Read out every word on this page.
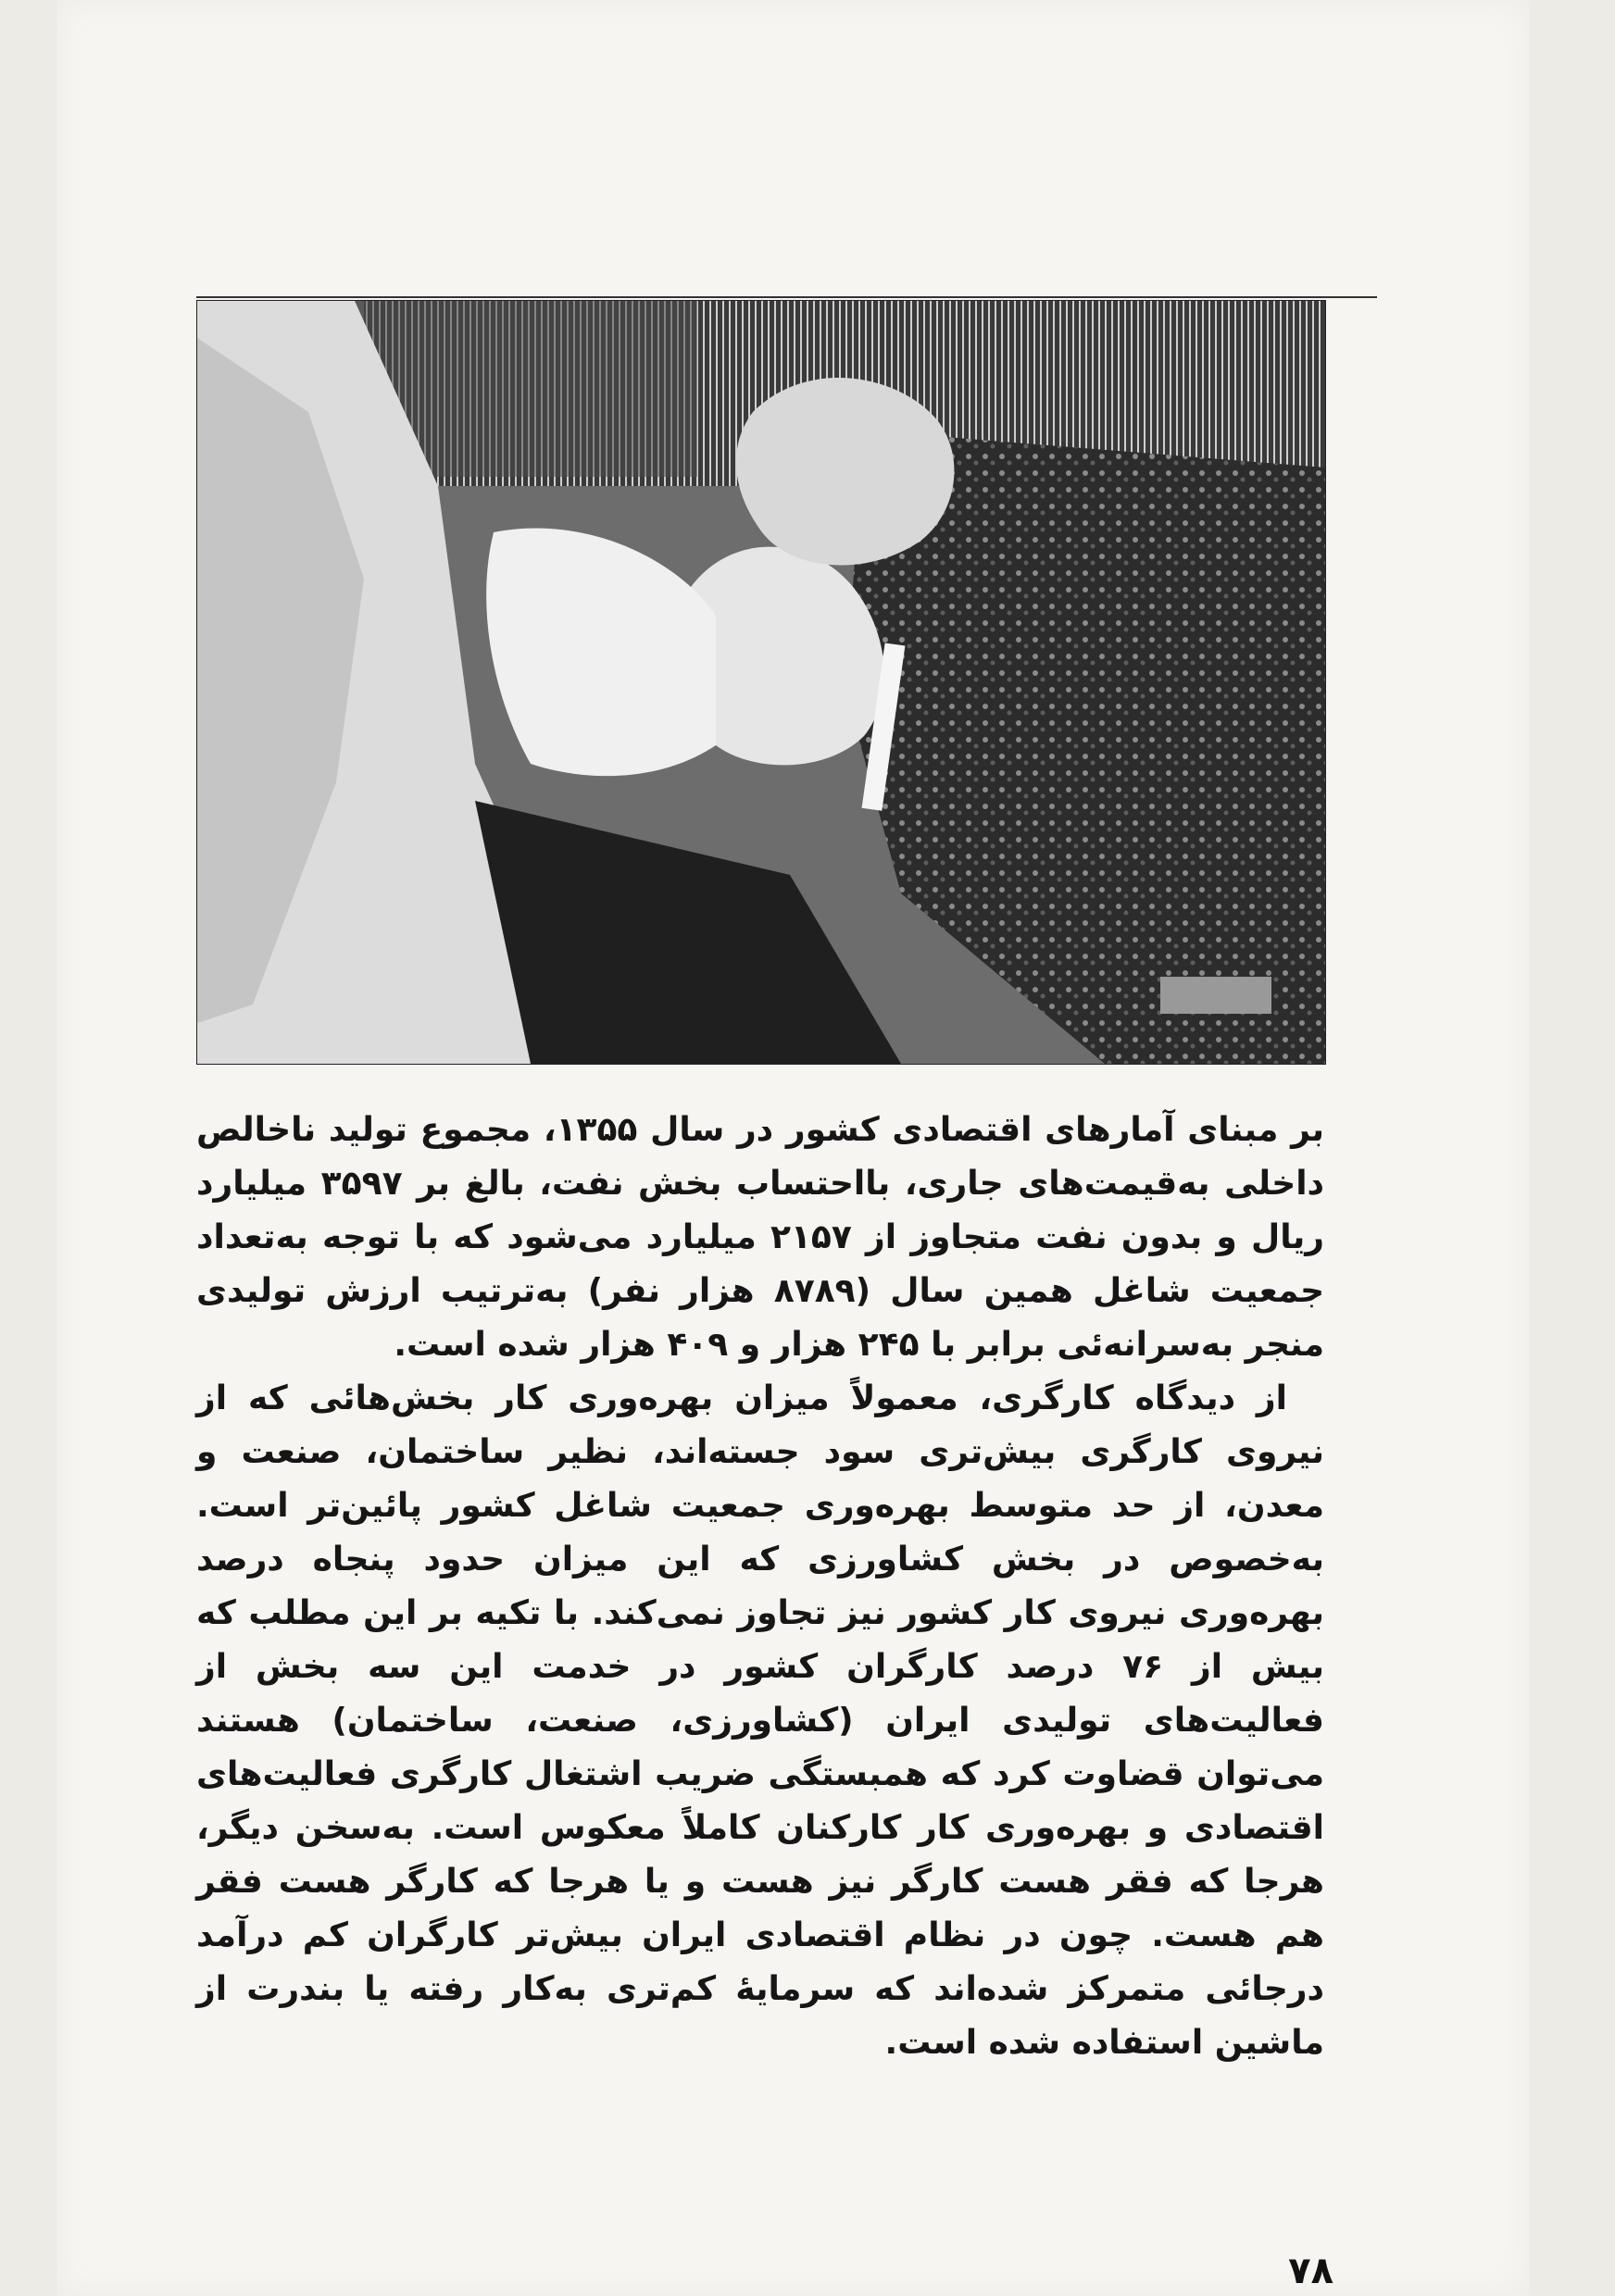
بر مبنای آمارهای اقتصادی کشور در سال ۱۳۵۵، مجموع تولید ناخالص داخلی به‌قیمت‌های جاری، بااحتساب بخش نفت، بالغ بر ۳۵۹۷ میلیارد ریال و بدون نفت متجاوز از ۲۱۵۷ میلیارد می‌شود که با توجه به‌تعداد جمعیت شاغل همین سال (۸۷۸۹ هزار نفر) به‌ترتیب ارزش تولیدی منجر به‌سرانه‌ئی برابر با ۲۴۵ هزار و ۴۰۹ هزار شده است.

از دیدگاه کارگری، معمولاً میزان بهره‌وری کار بخش‌هائی که از نیروی کارگری بیش‌تری سود جسته‌اند، نظیر ساختمان، صنعت و معدن، از حد متوسط بهره‌وری جمعیت شاغل کشور پائین‌تر است. به‌خصوص در بخش کشاورزی که این میزان حدود پنجاه درصد بهره‌وری نیروی کار کشور نیز تجاوز نمی‌کند. با تکیه بر این مطلب که بیش از ۷۶ درصد کارگران کشور در خدمت این سه بخش از فعالیت‌های تولیدی ایران (کشاورزی، صنعت، ساختمان) هستند می‌توان قضاوت کرد که همبستگی ضریب اشتغال کارگری فعالیت‌های اقتصادی و بهره‌وری کار کارکنان کاملاً معکوس است. به‌سخن دیگر، هرجا که فقر هست کارگر نیز هست و یا هرجا که کارگر هست فقر هم هست. چون در نظام اقتصادی ایران بیش‌تر کارگران کم درآمد درجائی متمرکز شده‌اند که سرمایهٔ کم‌تری به‌کار رفته یا بندرت از ماشین استفاده شده است.

۷۸
